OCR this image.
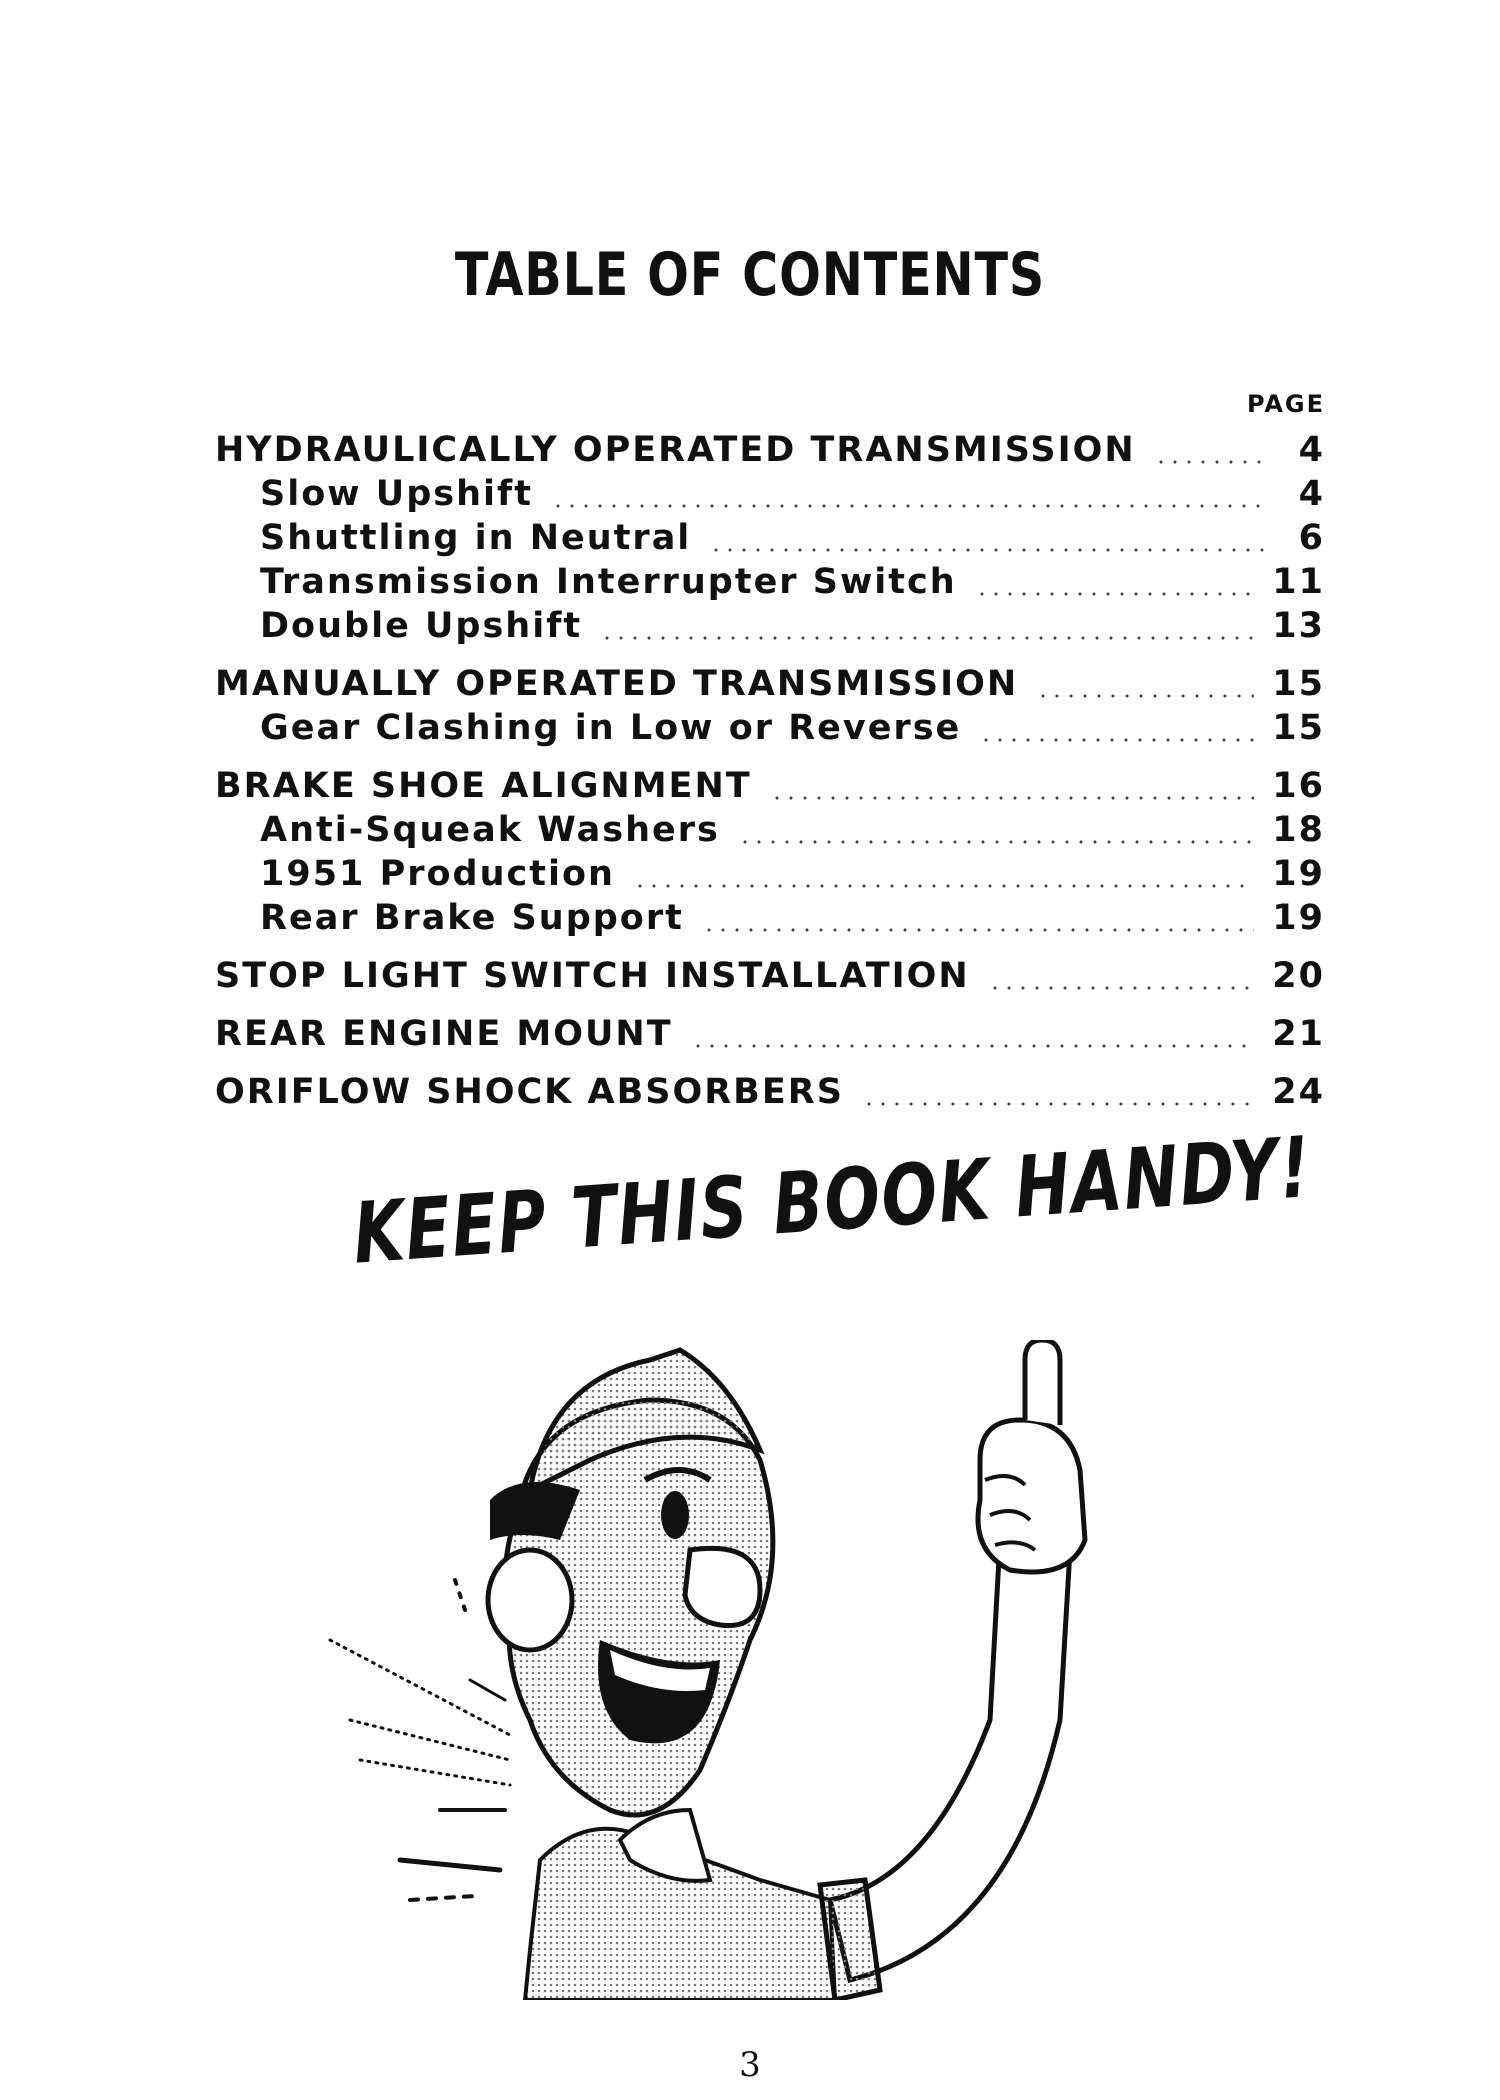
TABLE OF CONTENTS
PAGE
HYDRAULICALLY OPERATED TRANSMISSION	4
Slow Upshift	4
Shuttling in Neutral	6
Transmission Interrupter Switch	11
Double Upshift	13
MANUALLY OPERATED TRANSMISSION	15
Gear Clashing in Low or Reverse	15
BRAKE SHOE ALIGNMENT	16
Anti-Squeak Washers	18
1951 Production	19
Rear Brake Support	19
STOP LIGHT SWITCH INSTALLATION	20
REAR ENGINE MOUNT	21
ORIFLOW SHOCK ABSORBERS	24
KEEP THIS BOOK HANDY!
3
